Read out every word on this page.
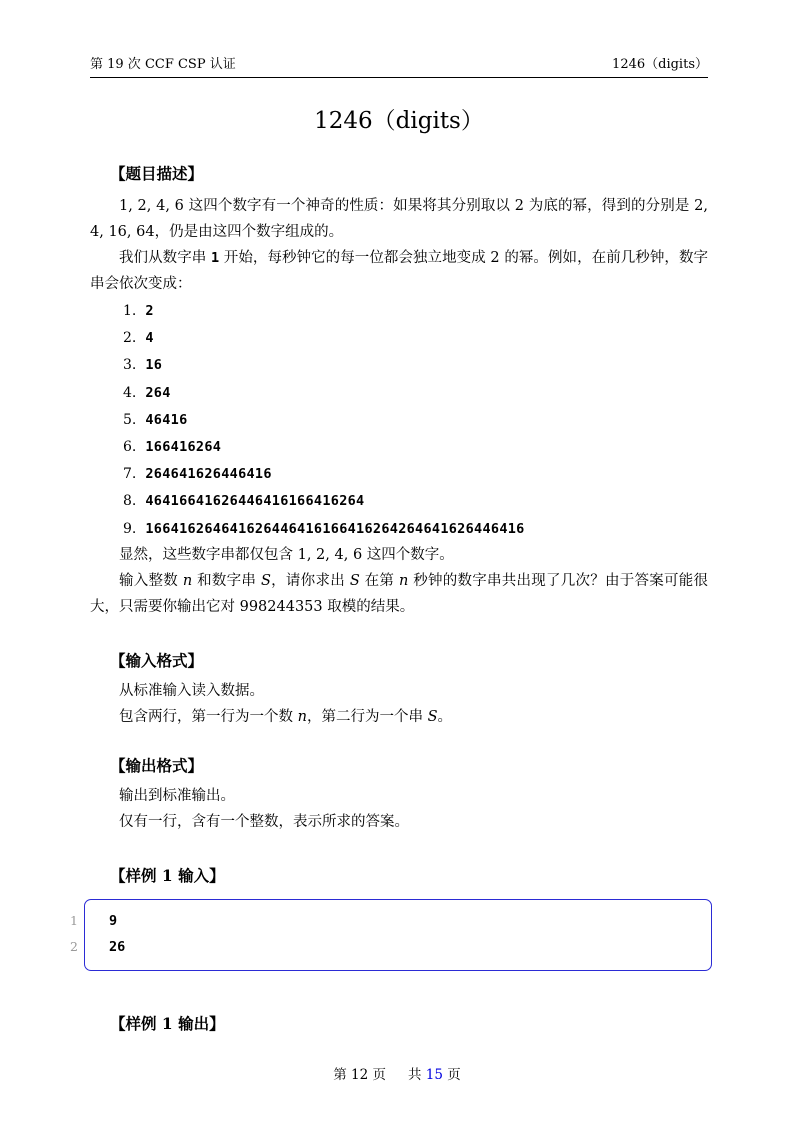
第 19 次 CCF CSP 认证	1246（digits）
1246（digits）
【题目描述】

1, 2, 4, 6 这四个数字有一个神奇的性质：如果将其分别取以 2 为底的幂，得到的分别是 2, 4, 16, 64，仍是由这四个数字组成的。

我们从数字串 1 开始，每秒钟它的每一位都会独立地变成 2 的幂。例如，在前几秒钟，数字串会依次变成：

1. 2
2. 4
3. 16
4. 264
5. 46416
6. 166416264
7. 264641626446416
8. 46416641626446416166416264
9. 166416264641626446416166416264264641626446416

显然，这些数字串都仅包含 1, 2, 4, 6 这四个数字。

输入整数 n 和数字串 S，请你求出 S 在第 n 秒钟的数字串共出现了几次？由于答案可能很大，只需要你输出它对 998244353 取模的结果。

【输入格式】

从标准输入读入数据。

包含两行，第一行为一个数 n，第二行为一个串 S。

【输出格式】

输出到标准输出。

仅有一行，含有一个整数，表示所求的答案。

【样例 1 输入】
1
2
9
26
【样例 1 输出】
第 12 页 共 15 页
